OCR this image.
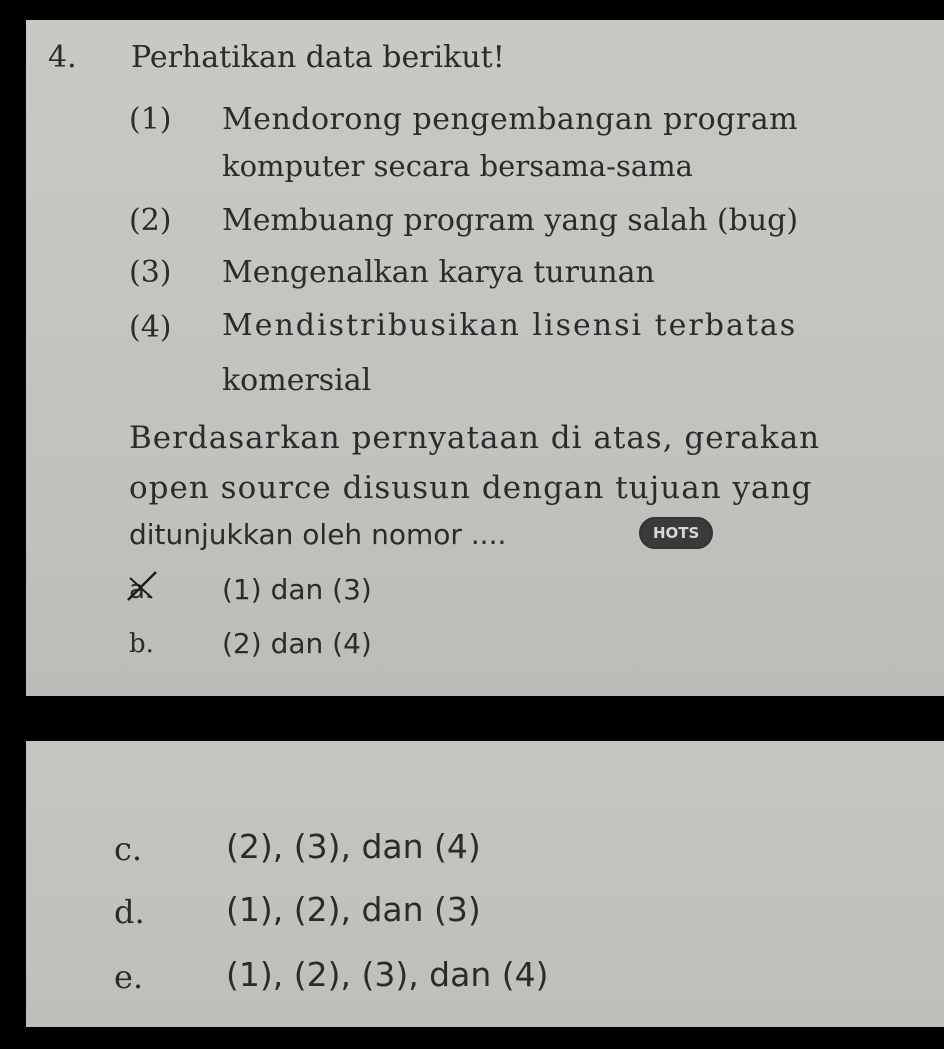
4. Perhatikan data berikut!
(1) Mendorong pengembangan program
komputer secara bersama-sama
(2) Membuang program yang salah (bug)
(3) Mengenalkan karya turunan
(4) Mendistribusikan lisensi terbatas
komersial
Berdasarkan pernyataan di atas, gerakan
open source disusun dengan tujuan yang
ditunjukkan oleh nomor ....	HOTS
a. (1) dan (3)
b. (2) dan (4)
c.	(2), (3), dan (4)
d. (1), (2), dan (3)
e.	(1), (2), (3), dan (4)
